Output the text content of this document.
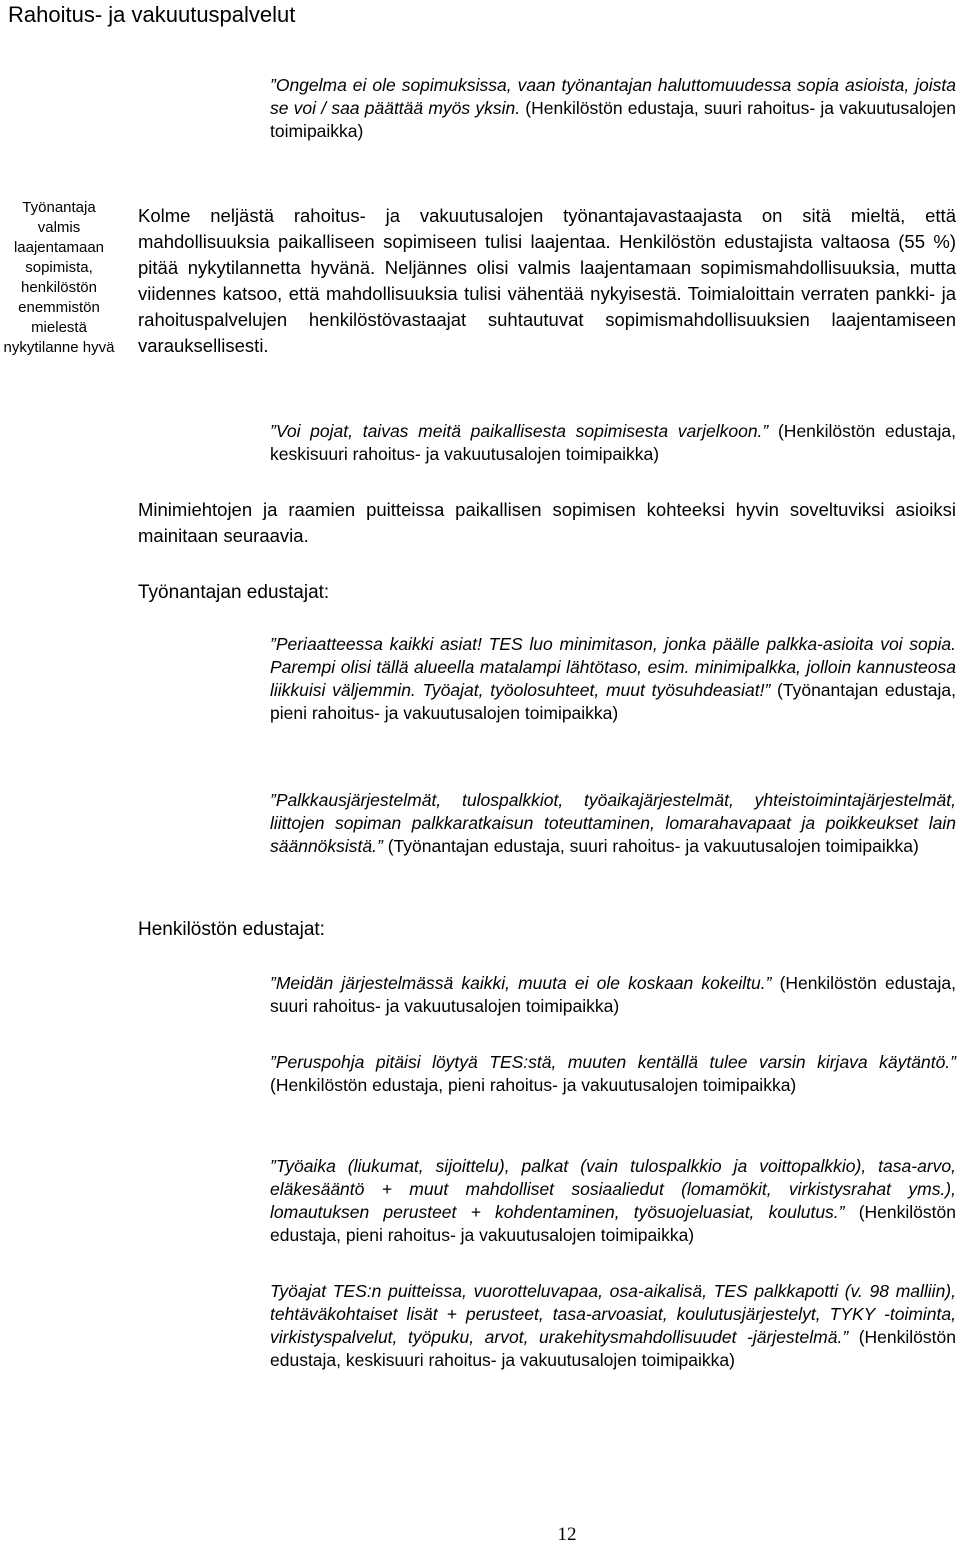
Rahoitus- ja vakuutuspalvelut
”Ongelma ei ole sopimuksissa, vaan työnantajan haluttomuudessa sopia asioista, joista se voi / saa päättää myös yksin. (Henkilöstön edustaja, suuri rahoitus- ja vakuutusalojen toimipaikka)
Työnantaja valmis laajentamaan sopimista, henkilöstön enemmistön mielestä nykytilanne hyvä
Kolme neljästä rahoitus- ja vakuutusalojen työnantajavastaajasta on sitä mieltä, että mahdollisuuksia paikalliseen sopimiseen tulisi laajentaa. Henkilöstön edustajista valtaosa (55 %) pitää nykytilannetta hyvänä. Neljännes olisi valmis laajentamaan sopimismahdollisuuksia, mutta viidennes katsoo, että mahdollisuuksia tulisi vähentää nykyisestä. Toimialoittain verraten pankki- ja rahoituspalvelujen henkilöstövastaajat suhtautuvat sopimismahdollisuuksien laajentamiseen varauksellisesti.
”Voi pojat, taivas meitä paikallisesta sopimisesta varjelkoon.” (Henkilöstön edustaja, keskisuuri rahoitus- ja vakuutusalojen toimipaikka)
Minimiehtojen ja raamien puitteissa paikallisen sopimisen kohteeksi hyvin soveltuviksi asioiksi mainitaan seuraavia.
Työnantajan edustajat:
”Periaatteessa kaikki asiat! TES luo minimitason, jonka päälle palkka-asioita voi sopia. Parempi olisi tällä alueella matalampi lähtötaso, esim. minimipalkka, jolloin kannusteosa liikkuisi väljemmin. Työajat, työolosuhteet, muut työsuhdeasiat!” (Työnantajan edustaja, pieni rahoitus- ja vakuutusalojen toimipaikka)
”Palkkausjärjestelmät, tulospalkkiot, työaikajärjestelmät, yhteistoimintajärjestelmät, liittojen sopiman palkkaratkaisun toteuttaminen, lomarahavapaat ja poikkeukset lain säännöksistä.” (Työnantajan edustaja, suuri rahoitus- ja vakuutusalojen toimipaikka)
Henkilöstön edustajat:
”Meidän järjestelmässä kaikki, muuta ei ole koskaan kokeiltu.” (Henkilöstön edustaja, suuri rahoitus- ja vakuutusalojen toimipaikka)
”Peruspohja pitäisi löytyä TES:stä, muuten kentällä tulee varsin kirjava käytäntö.” (Henkilöstön edustaja, pieni rahoitus- ja vakuutusalojen toimipaikka)
”Työaika (liukumat, sijoittelu), palkat (vain tulospalkkio ja voittopalkkio), tasa-arvo, eläkesääntö + muut mahdolliset sosiaaliedut (lomamökit, virkistysrahat yms.), lomautuksen perusteet + kohdentaminen, työsuojeluasiat, koulutus.” (Henkilöstön edustaja, pieni rahoitus- ja vakuutusalojen toimipaikka)
Työajat TES:n puitteissa, vuorotteluvapaa, osa-aikalisä, TES palkkapotti (v. 98 malliin), tehtäväkohtaiset lisät + perusteet, tasa-arvoasiat, koulutusjärjestelyt, TYKY -toiminta, virkistyspalvelut, työpuku, arvot, urakehitysmahdollisuudet -järjestelmä.” (Henkilöstön edustaja, keskisuuri rahoitus- ja vakuutusalojen toimipaikka)
12
